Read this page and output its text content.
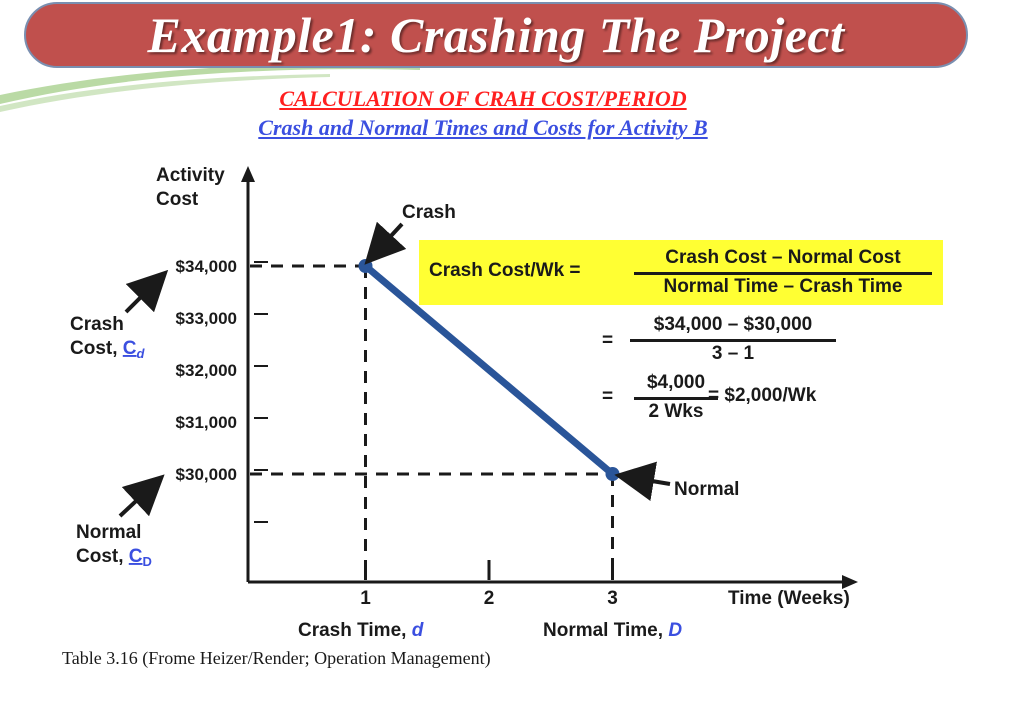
Example1: Crashing The Project
CALCULATION OF CRAH COST/PERIOD
Crash and Normal Times and Costs for Activity B
Activity
Cost
Time (Weeks)
$30,000
$31,000
$32,000
$33,000
$34,000
1	2	3
Crash
Normal
Crash
Cost, $C_d$
Normal
Cost, $C_D$
Crash Time, d	Normal Time, D
Crash Cost/Wk =
Crash Cost – Normal Cost
Normal Time – Crash Time
=
$34,000 – $30,000
3 – 1
=
$4,000
2 Wks
= $2,000/Wk
Table 3.16 (Frome Heizer/Render; Operation Management)
